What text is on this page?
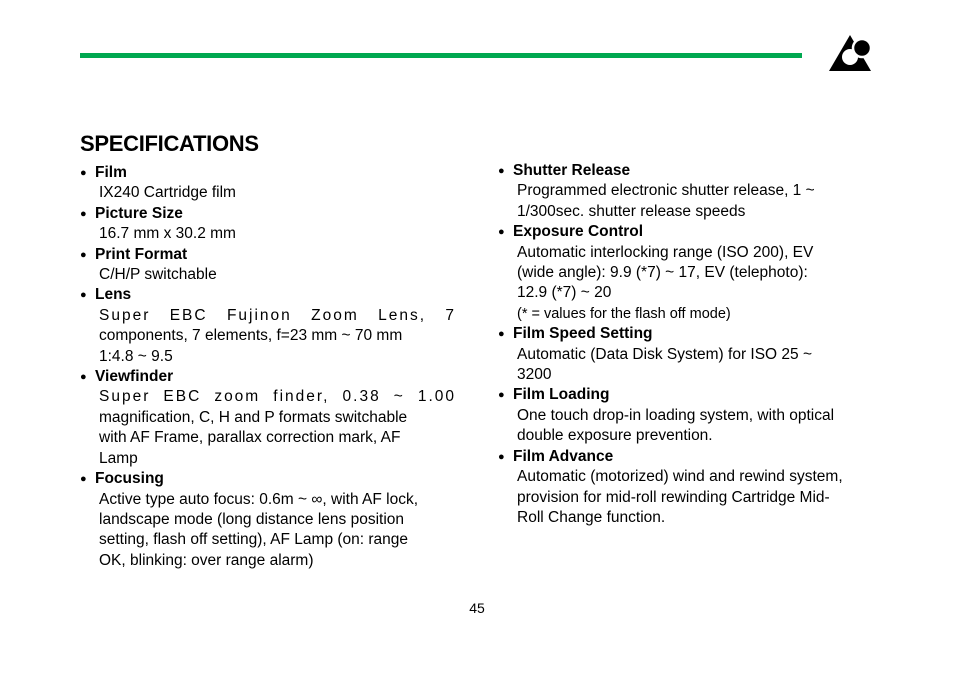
SPECIFICATIONS
● Film
IX240 Cartridge film
● Picture Size
16.7 mm x 30.2 mm
● Print Format
C/H/P switchable
● Lens
Super EBC Fujinon Zoom Lens, 7
components, 7 elements, f=23 mm ~ 70 mm
1:4.8 ~ 9.5
● Viewfinder
Super EBC zoom finder, 0.38 ~ 1.00
magnification, C, H and P formats switchable
with AF Frame, parallax correction mark, AF
Lamp
● Focusing
Active type auto focus: 0.6m ~ ∞, with AF lock,
landscape mode (long distance lens position
setting, flash off setting), AF Lamp (on: range
OK, blinking: over range alarm)
● Shutter Release
Programmed electronic shutter release, 1 ~
1/300sec. shutter release speeds
● Exposure Control
Automatic interlocking range (ISO 200), EV
(wide angle): 9.9 (*7) ~ 17, EV (telephoto):
12.9 (*7) ~ 20
(* = values for the flash off mode)
● Film Speed Setting
Automatic (Data Disk System) for ISO 25 ~
3200
● Film Loading
One touch drop-in loading system, with optical
double exposure prevention.
● Film Advance
Automatic (motorized) wind and rewind system,
provision for mid-roll rewinding Cartridge Mid-
Roll Change function.
45
